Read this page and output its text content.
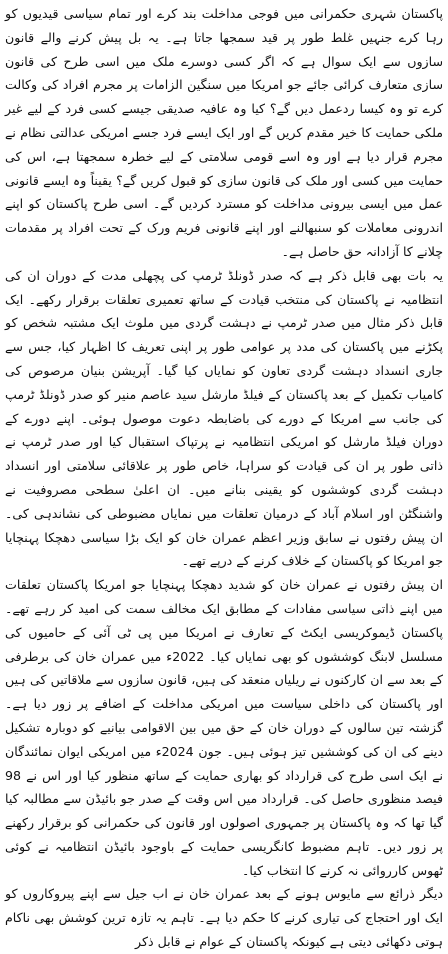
پاکستان شہری حکمرانی میں فوجی مداخلت بند کرے اور تمام سیاسی قیدیوں کو رہا کرے جنہیں غلط طور پر قید سمجھا جاتا ہے۔ یہ بل پیش کرنے والے قانون سازوں سے ایک سوال ہے کہ اگر کسی دوسرے ملک میں اسی طرح کی قانون سازی متعارف کرائی جائے جو امریکا میں سنگین الزامات پر مجرم افراد کی وکالت کرے تو وہ کیسا ردعمل دیں گے؟ کیا وہ عافیہ صدیقی جیسے کسی فرد کے لیے غیر ملکی حمایت کا خیر مقدم کریں گے اور ایک ایسے فرد جسے امریکی عدالتی نظام نے مجرم قرار دیا ہے اور وہ اسے قومی سلامتی کے لیے خطرہ سمجھتا ہے، اس کی حمایت میں کسی اور ملک کی قانون سازی کو قبول کریں گے؟ یقیناً وہ ایسے قانونی عمل میں ایسی بیرونی مداخلت کو مسترد کردیں گے۔ اسی طرح پاکستان کو اپنے اندرونی معاملات کو سنبھالنے اور اپنے قانونی فریم ورک کے تحت افراد پر مقدمات چلانے کا آزادانہ حق حاصل ہے۔

یہ بات بھی قابل ذکر ہے کہ صدر ڈونلڈ ٹرمپ کی پچھلی مدت کے دوران ان کی انتظامیہ نے پاکستان کی منتخب قیادت کے ساتھ تعمیری تعلقات برقرار رکھے۔ ایک قابل ذکر مثال میں صدر ٹرمپ نے دہشت گردی میں ملوث ایک مشتبہ شخص کو پکڑنے میں پاکستان کی مدد پر عوامی طور پر اپنی تعریف کا اظہار کیا، جس سے جاری انسداد دہشت گردی تعاون کو نمایاں کیا گیا۔ آپریشن بنیان مرصوص کی کامیاب تکمیل کے بعد پاکستان کے فیلڈ مارشل سید عاصم منیر کو صدر ڈونلڈ ٹرمپ کی جانب سے امریکا کے دورے کی باضابطہ دعوت موصول ہوئی۔ اپنے دورے کے دوران فیلڈ مارشل کو امریکی انتظامیہ نے پرتپاک استقبال کیا اور صدر ٹرمپ نے ذاتی طور پر ان کی قیادت کو سراہا، خاص طور پر علاقائی سلامتی اور انسداد دہشت گردی کوششوں کو یقینی بنانے میں۔ ان اعلیٰ سطحی مصروفیت نے واشنگٹن اور اسلام آباد کے درمیان تعلقات میں نمایاں مضبوطی کی نشاندہی کی۔ ان پیش رفتوں نے سابق وزیر اعظم عمران خان کو ایک بڑا سیاسی دھچکا پہنچایا جو امریکا کو پاکستان کے خلاف کرنے کے درپے تھے۔

ان پیش رفتوں نے عمران خان کو شدید دھچکا پہنچایا جو امریکا پاکستان تعلقات میں اپنے ذاتی سیاسی مفادات کے مطابق ایک مخالف سمت کی امید کر رہے تھے۔ پاکستان ڈیموکریسی ایکٹ کے تعارف نے امریکا میں پی ٹی آئی کے حامیوں کی مسلسل لابنگ کوششوں کو بھی نمایاں کیا۔ 2022ء میں عمران خان کی برطرفی کے بعد سے ان کارکنوں نے ریلیاں منعقد کی ہیں، قانون سازوں سے ملاقاتیں کی ہیں اور پاکستان کی داخلی سیاست میں امریکی مداخلت کے اضافے پر زور دیا ہے۔ گزشتہ تین سالوں کے دوران خان کے حق میں بین الاقوامی بیانیے کو دوبارہ تشکیل دینے کی ان کی کوششیں تیز ہوئی ہیں۔ جون 2024ء میں امریکی ایوان نمائندگان نے ایک اسی طرح کی قرارداد کو بھاری حمایت کے ساتھ منظور کیا اور اس نے 98 فیصد منظوری حاصل کی۔ قرارداد میں اس وقت کے صدر جو بائیڈن سے مطالبہ کیا گیا تھا کہ وہ پاکستان پر جمہوری اصولوں اور قانون کی حکمرانی کو برقرار رکھنے پر زور دیں۔ تاہم مضبوط کانگریسی حمایت کے باوجود بائیڈن انتظامیہ نے کوئی ٹھوس کارروائی نہ کرنے کا انتخاب کیا۔

دیگر ذرائع سے مایوس ہونے کے بعد عمران خان نے اب جیل سے اپنے پیروکاروں کو ایک اور احتجاج کی تیاری کرنے کا حکم دیا ہے۔ تاہم یہ تازہ ترین کوشش بھی ناکام ہوتی دکھائی دیتی ہے کیونکہ پاکستان کے عوام نے قابل ذکر
